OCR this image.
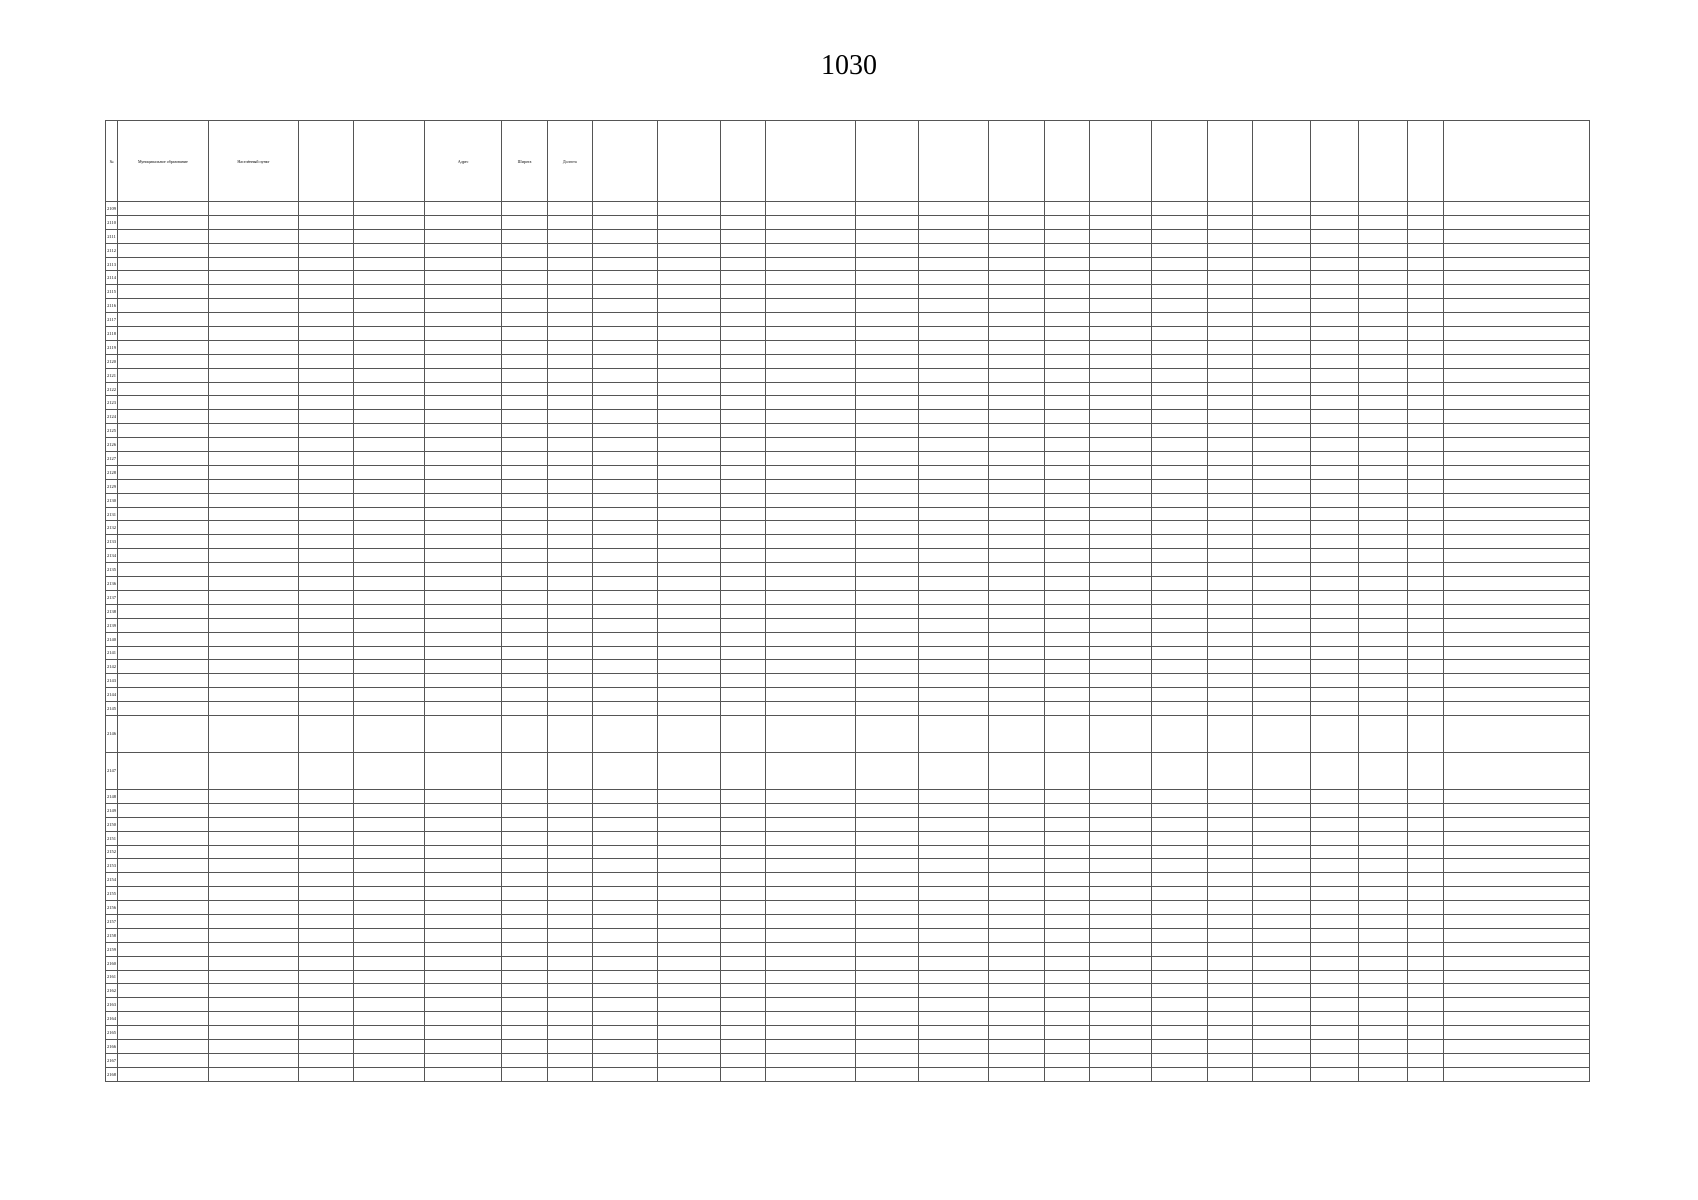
1030
№	Муниципальное образование	Населённый пункт			Адрес	Широта	Долгота																
2109																							
2110																							
2111																							
2112																							
2113																							
2114																							
2115																							
2116																							
2117																							
2118																							
2119																							
2120																							
2121																							
2122																							
2123																							
2124																							
2125																							
2126																							
2127																							
2128																							
2129																							
2130																							
2131																							
2132																							
2133																							
2134																							
2135																							
2136																							
2137																							
2138																							
2139																							
2140																							
2141																							
2142																							
2143																							
2144																							
2145																							
2146																							
2147																							
2148																							
2149																							
2150																							
2151																							
2152																							
2153																							
2154																							
2155																							
2156																							
2157																							
2158																							
2159																							
2160																							
2161																							
2162																							
2163																							
2164																							
2165																							
2166																							
2167																							
2168																							
